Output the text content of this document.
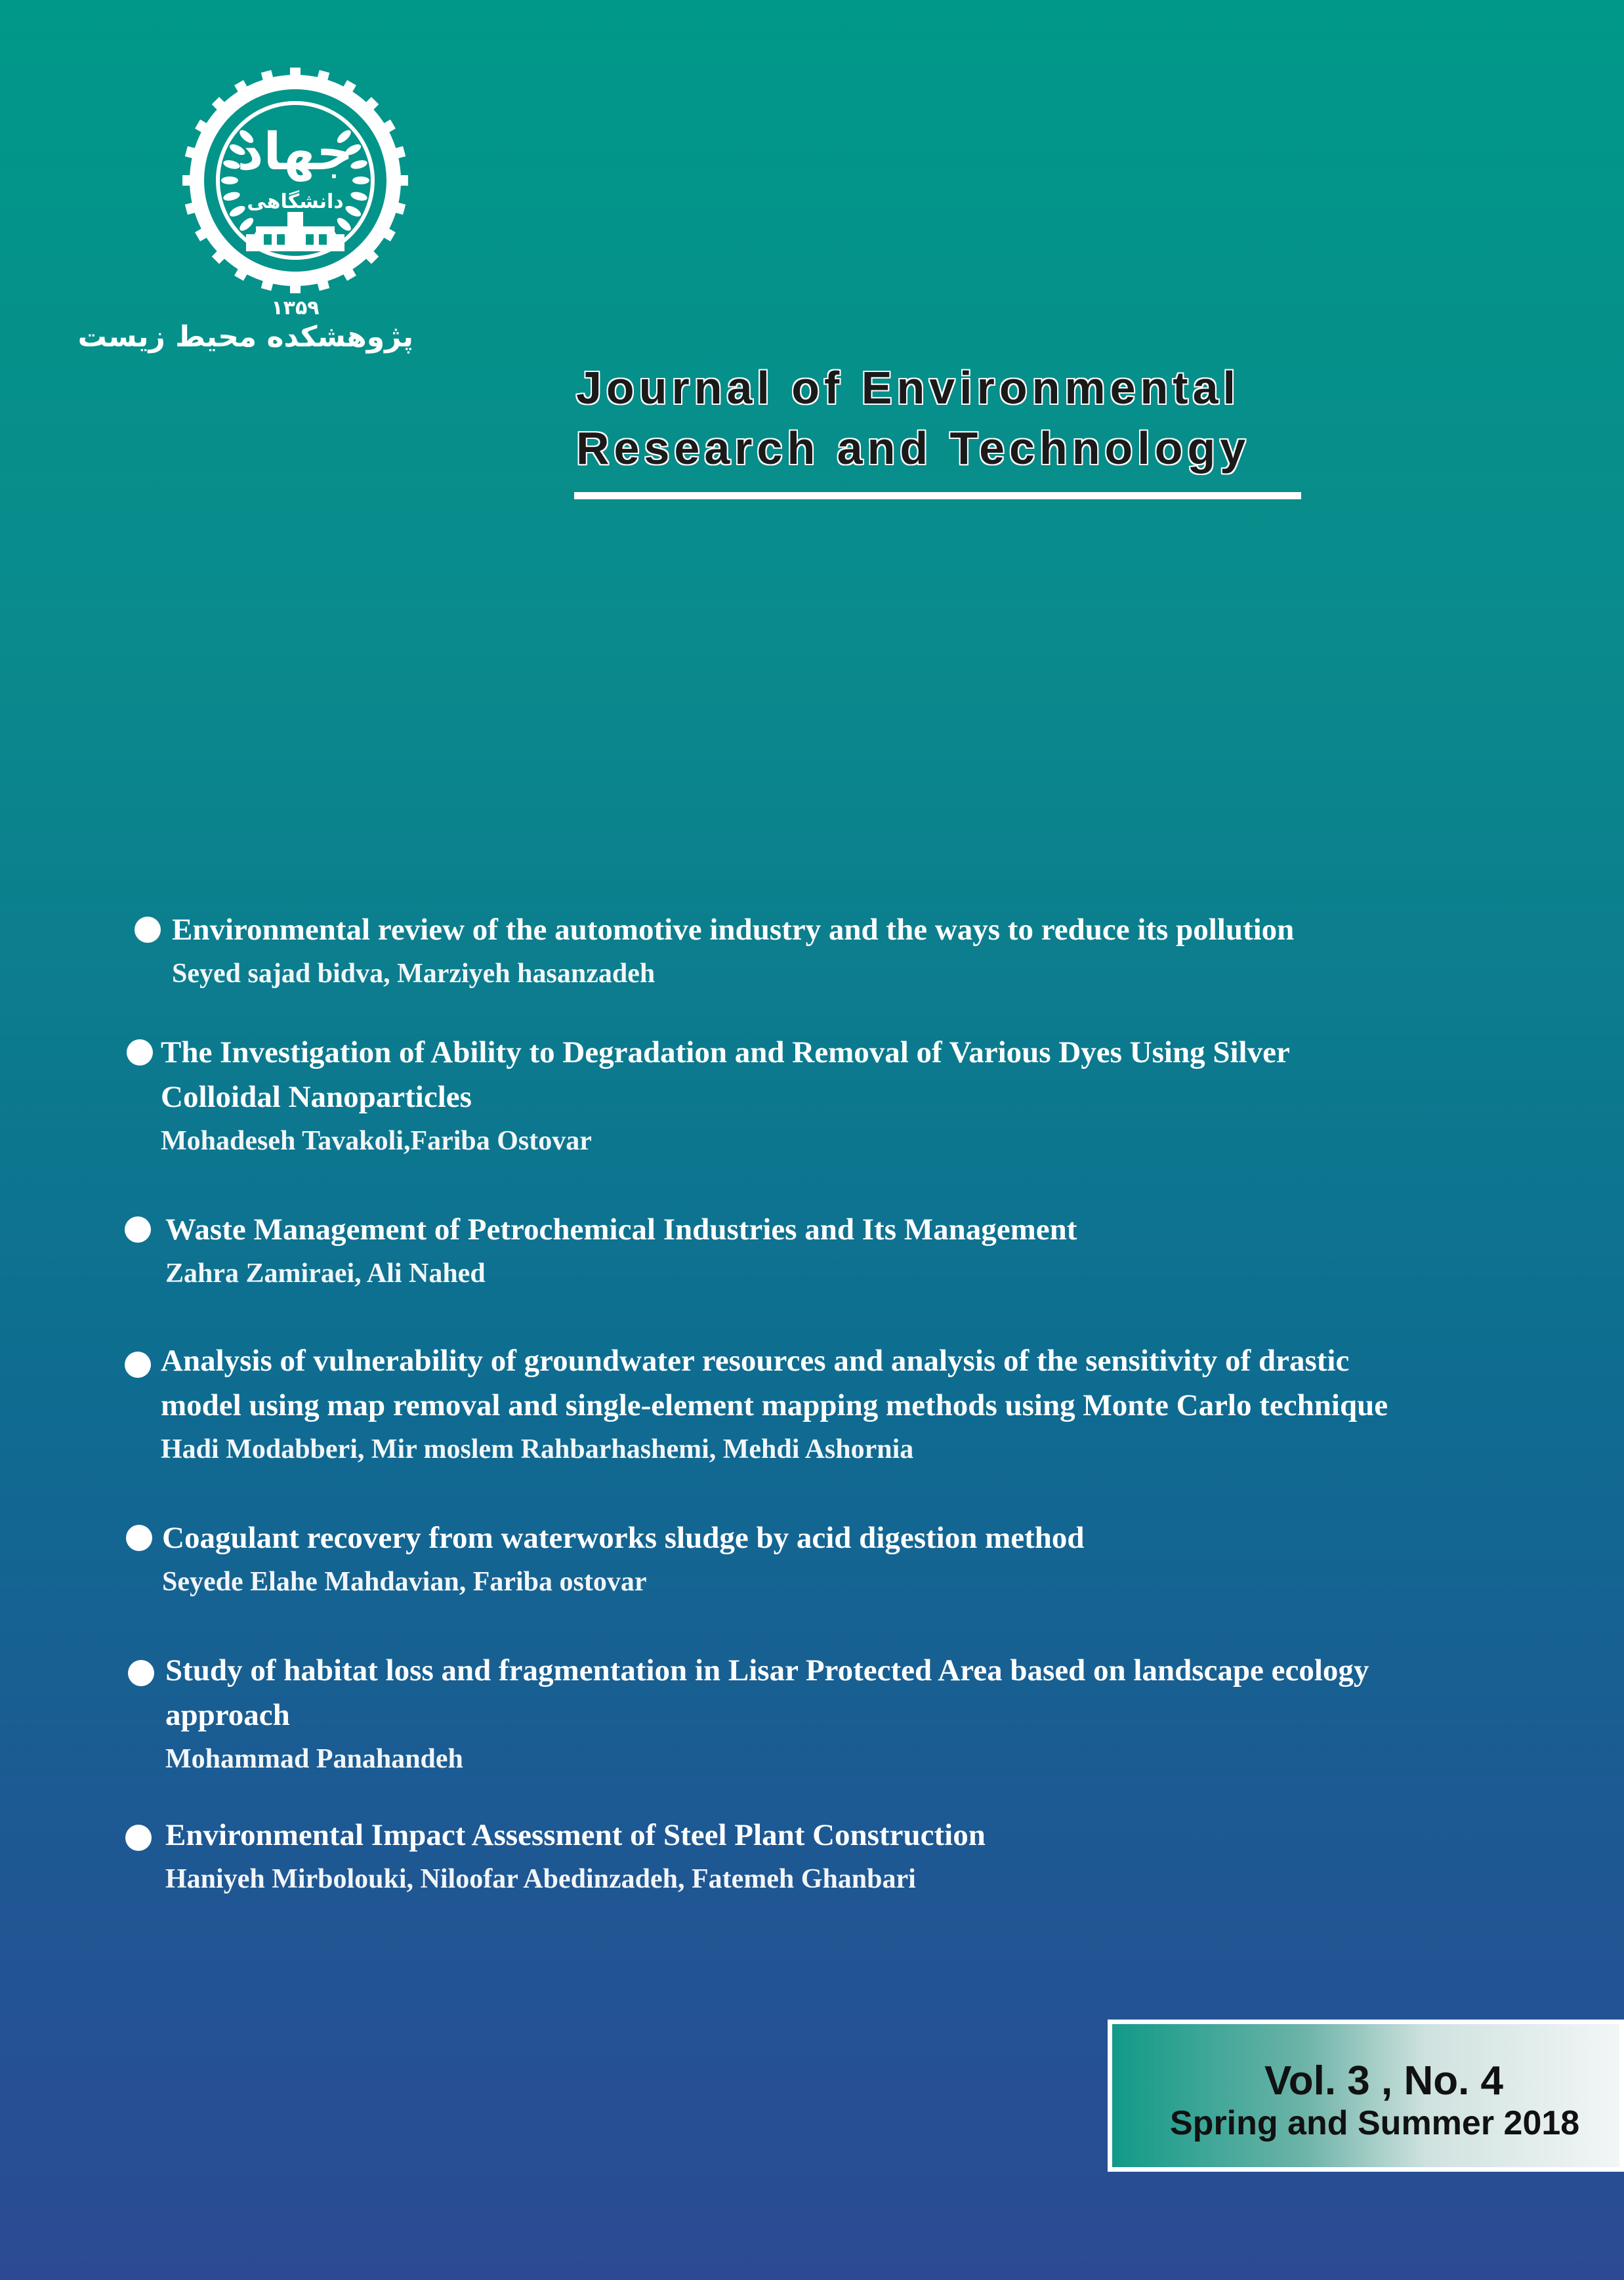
جهاد
دانشگاهی
۱۳۵۹
پژوهشکده محیط زیست
Journal of Environmental
Research and Technology
Environmental review of the automotive industry and the ways to reduce its pollution
Seyed sajad bidva, Marziyeh hasanzadeh
The Investigation of Ability to Degradation and Removal of Various Dyes Using Silver
Colloidal Nanoparticles
Mohadeseh Tavakoli,Fariba Ostovar
Waste Management of Petrochemical Industries and Its Management
Zahra Zamiraei, Ali Nahed
Analysis of vulnerability of groundwater resources and analysis of the sensitivity of drastic
model using map removal and single-element mapping methods using Monte Carlo technique
Hadi Modabberi, Mir moslem Rahbarhashemi, Mehdi Ashornia
Coagulant recovery from waterworks sludge by acid digestion method
Seyede Elahe Mahdavian, Fariba ostovar
Study of habitat loss and fragmentation in Lisar Protected Area based on landscape ecology
approach
Mohammad Panahandeh
Environmental Impact Assessment of Steel Plant Construction
Haniyeh Mirbolouki, Niloofar Abedinzadeh, Fatemeh Ghanbari
Vol. 3 , No. 4
Spring and Summer 2018
